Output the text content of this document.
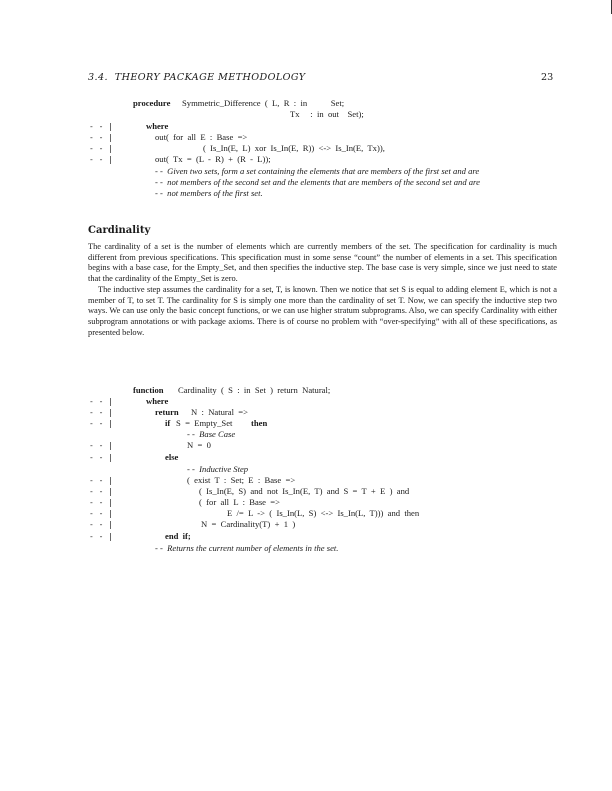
3.4.  THEORY PACKAGE METHODOLOGY	23
procedure Symmetric_Difference  (  L,  R  :  in           Set;
Tx     :  in  out    Set);
- - |	where
- - |	out(  for  all  E  :  Base  =>
- - |	(  Is_In(E,  L)  xor  Is_In(E,  R))  <->  Is_In(E,  Tx)),
- - |	out(  Tx  =  (L  -  R)  +  (R  -  L));
- -  Given two sets, form a set containing the elements that are members of the first set and are
- -  not members of the second set and the elements that are members of the second set and are
- -  not members of the first set.
Cardinality

The cardinality of a set is the number of elements which are currently members of the set. The specification for cardinality is much different from previous specifications. This specification must in some sense “count” the number of elements in a set. This specification begins with a base case, for the Empty_Set, and then specifies the inductive step. The base case is very simple, since we just need to state that the cardinality of the Empty_Set is zero.

The inductive step assumes the cardinality for a set, T, is known. Then we notice that set S is equal to adding element E, which is not a member of T, to set T. The cardinality for S is simply one more than the cardinality of set T. Now, we can specify the inductive step two ways. We can use only the basic concept functions, or we can use higher stratum subprograms. Also, we can specify Cardinality with either subprogram annotations or with package axioms. There is of course no problem with “over-specifying” with all of these specifications, as presented below.

function Cardinality  (  S  :  in  Set  )  return  Natural;
- - |	where
- - |	return N  :  Natural  =>
- - |	if S  =  Empty_Set then
- -  Base Case
- - |	N  =  0
- - |	else
- -  Inductive Step
- - |	(  exist  T  :  Set;  E  :  Base  =>
- - |	(  Is_In(E,  S)  and  not  Is_In(E,  T)  and  S  =  T  +  E  )  and
- - |	(  for  all  L  :  Base  =>
- - |	E  /=  L  ->  (  Is_In(L,  S)  <->  Is_In(L,  T)))  and  then
- - |	N  =  Cardinality(T)  +  1  )
- - |	end  if;
- -  Returns the current number of elements in the set.
